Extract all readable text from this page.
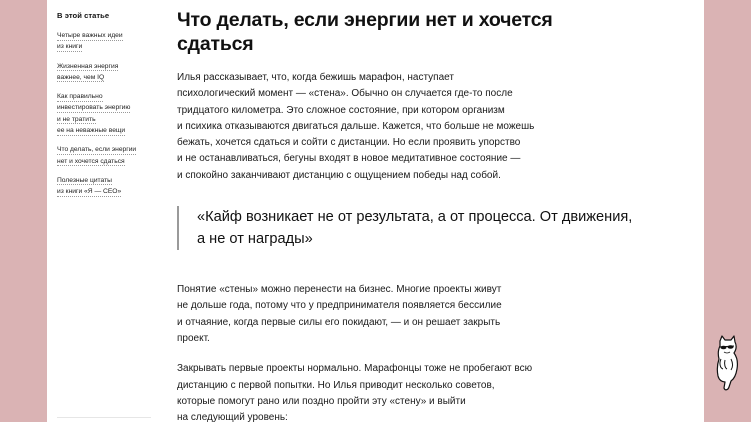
В этой статье
Четыре важных идеи
из книги
Жизненная энергия
важнее, чем IQ
Как правильно
инвестировать энергию
и не тратить
ее на неважные вещи
Что делать, если энергии
нет и хочется сдаться
Полезные цитаты
из книги «Я — CEO»
Что делать, если энергии нет и хочется сдаться

Илья рассказывает, что, когда бежишь марафон, наступает
психологический момент — «стена». Обычно он случается где-то после
тридцатого километра. Это сложное состояние, при котором организм
и психика отказываются двигаться дальше. Кажется, что больше не можешь
бежать, хочется сдаться и сойти с дистанции. Но если проявить упорство
и не останавливаться, бегуны входят в новое медитативное состояние —
и спокойно заканчивают дистанцию с ощущением победы над собой.

«Кайф возникает не от результата, а от процесса. От движения,
а не от награды»

Понятие «стены» можно перенести на бизнес. Многие проекты живут
не дольше года, потому что у предпринимателя появляется бессилие
и отчаяние, когда первые силы его покидают, — и он решает закрыть
проект.

Закрывать первые проекты нормально. Марафонцы тоже не пробегают всю
дистанцию с первой попытки. Но Илья приводит несколько советов,
которые помогут рано или поздно пройти эту «стену» и выйти
на следующий уровень:
